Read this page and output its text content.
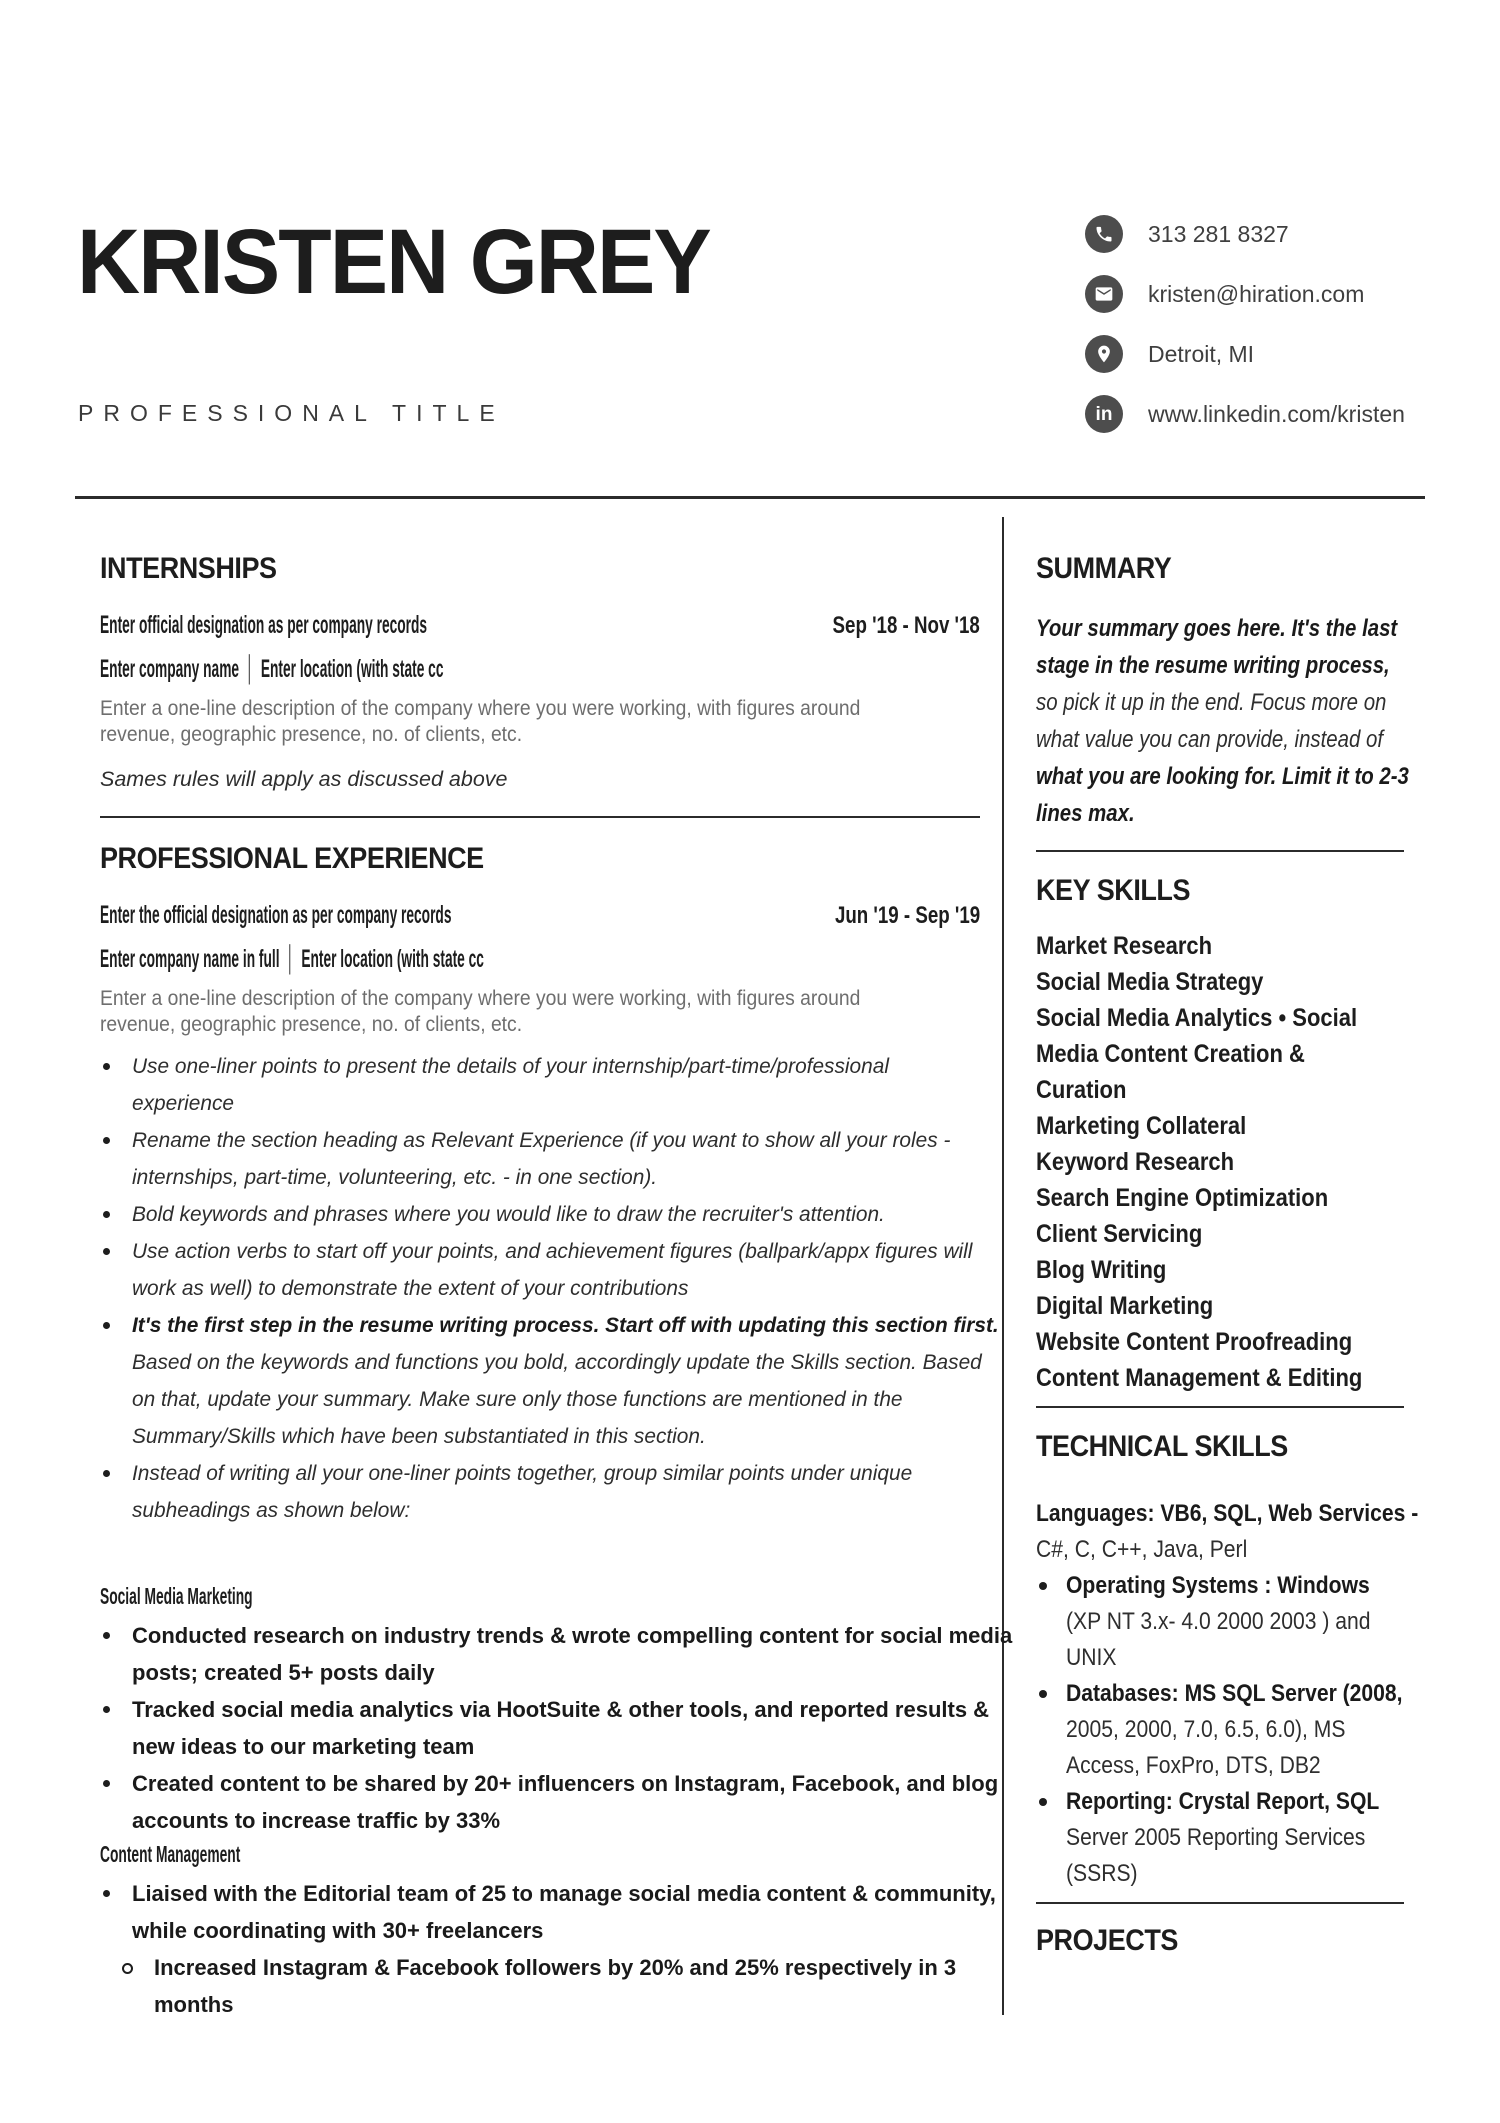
KRISTEN GREY
PROFESSIONAL TITLE
313 281 8327
kristen@hiration.com
Detroit, MI
in www.linkedin.com/kristen
INTERNSHIPS
Enter official designation as per company records	Sep '18 - Nov '18
Enter company name │ Enter location (with state cc
Enter a one-line description of the company where you were working, with figures around
revenue, geographic presence, no. of clients, etc.
Sames rules will apply as discussed above
PROFESSIONAL EXPERIENCE
Enter the official designation as per company records	Jun '19 - Sep '19
Enter company name in full │ Enter location (with state cc
Enter a one-line description of the company where you were working, with figures around
revenue, geographic presence, no. of clients, etc.
Use one-liner points to present the details of your internship/part-time/professional
experience
Rename the section heading as Relevant Experience (if you want to show all your roles -
internships, part-time, volunteering, etc. - in one section).
Bold keywords and phrases where you would like to draw the recruiter's attention.
Use action verbs to start off your points, and achievement figures (ballpark/appx figures will
work as well) to demonstrate the extent of your contributions
It's the first step in the resume writing process. Start off with updating this section first.
Based on the keywords and functions you bold, accordingly update the Skills section. Based
on that, update your summary. Make sure only those functions are mentioned in the
Summary/Skills which have been substantiated in this section.
Instead of writing all your one-liner points together, group similar points under unique
subheadings as shown below:
Social Media Marketing
Conducted research on industry trends & wrote compelling content for social media
posts; created 5+ posts daily
Tracked social media analytics via HootSuite & other tools, and reported results &
new ideas to our marketing team
Created content to be shared by 20+ influencers on Instagram, Facebook, and blog
accounts to increase traffic by 33%
Content Management
Liaised with the Editorial team of 25 to manage social media content & community,
while coordinating with 30+ freelancers
Increased Instagram & Facebook followers by 20% and 25% respectively in 3
months
SUMMARY
Your summary goes here. It's the last
stage in the resume writing process,
so pick it up in the end. Focus more on
what value you can provide, instead of
what you are looking for. Limit it to 2-3
lines max.
KEY SKILLS
Market Research
Social Media Strategy
Social Media Analytics • Social
Media Content Creation &
Curation
Marketing Collateral
Keyword Research
Search Engine Optimization
Client Servicing
Blog Writing
Digital Marketing
Website Content Proofreading
Content Management & Editing
TECHNICAL SKILLS
Languages: VB6, SQL, Web Services -
C#, C, C++, Java, Perl
Operating Systems : Windows
(XP NT 3.x- 4.0 2000 2003 ) and
UNIX
Databases: MS SQL Server (2008,
2005, 2000, 7.0, 6.5, 6.0), MS
Access, FoxPro, DTS, DB2
Reporting: Crystal Report, SQL
Server 2005 Reporting Services
(SSRS)
PROJECTS
